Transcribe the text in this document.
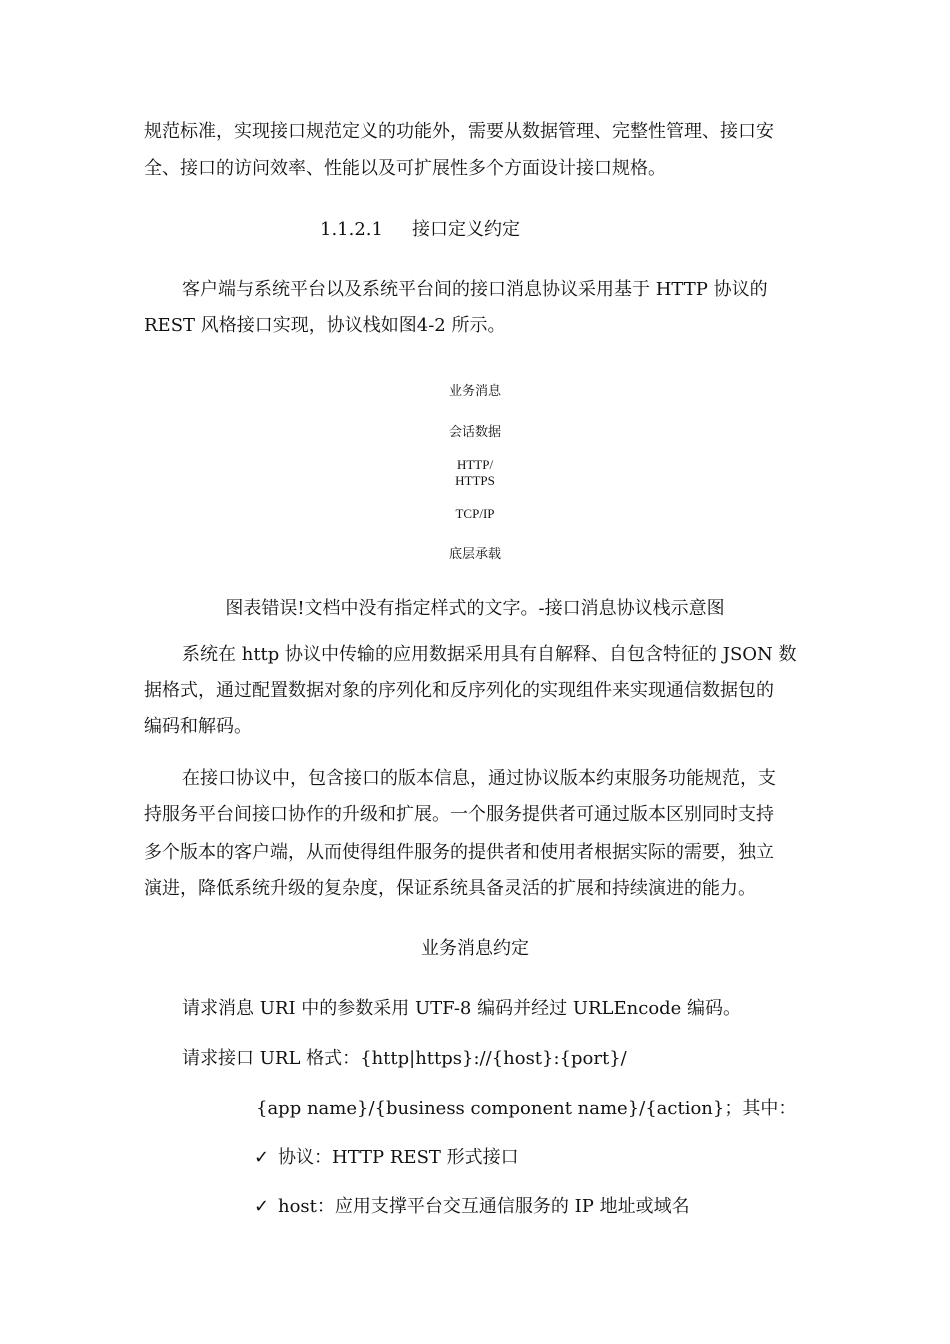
规范标准，实现接口规范定义的功能外，需要从数据管理、完整性管理、接口安
全、接口的访问效率、性能以及可扩展性多个方面设计接口规格。
1.1.2.1 接口定义约定
客户端与系统平台以及系统平台间的接口消息协议采用基于 HTTP 协议的
REST 风格接口实现，协议栈如图4-2 所示。
业务消息
会话数据
HTTP/
HTTPS
TCP/IP
底层承载
图表错误!文档中没有指定样式的文字。-接口消息协议栈示意图
系统在 http 协议中传输的应用数据采用具有自解释、自包含特征的 JSON 数
据格式，通过配置数据对象的序列化和反序列化的实现组件来实现通信数据包的
编码和解码。
在接口协议中，包含接口的版本信息，通过协议版本约束服务功能规范，支
持服务平台间接口协作的升级和扩展。一个服务提供者可通过版本区别同时支持
多个版本的客户端，从而使得组件服务的提供者和使用者根据实际的需要，独立
演进，降低系统升级的复杂度，保证系统具备灵活的扩展和持续演进的能力。
业务消息约定
请求消息 URI 中的参数采用 UTF-8 编码并经过 URLEncode 编码。
请求接口 URL 格式：{http|https}://{host}:{port}/
{app name}/{business component name}/{action}；其中：
✓ 协议：HTTP REST 形式接口
✓ host：应用支撑平台交互通信服务的 IP 地址或域名
